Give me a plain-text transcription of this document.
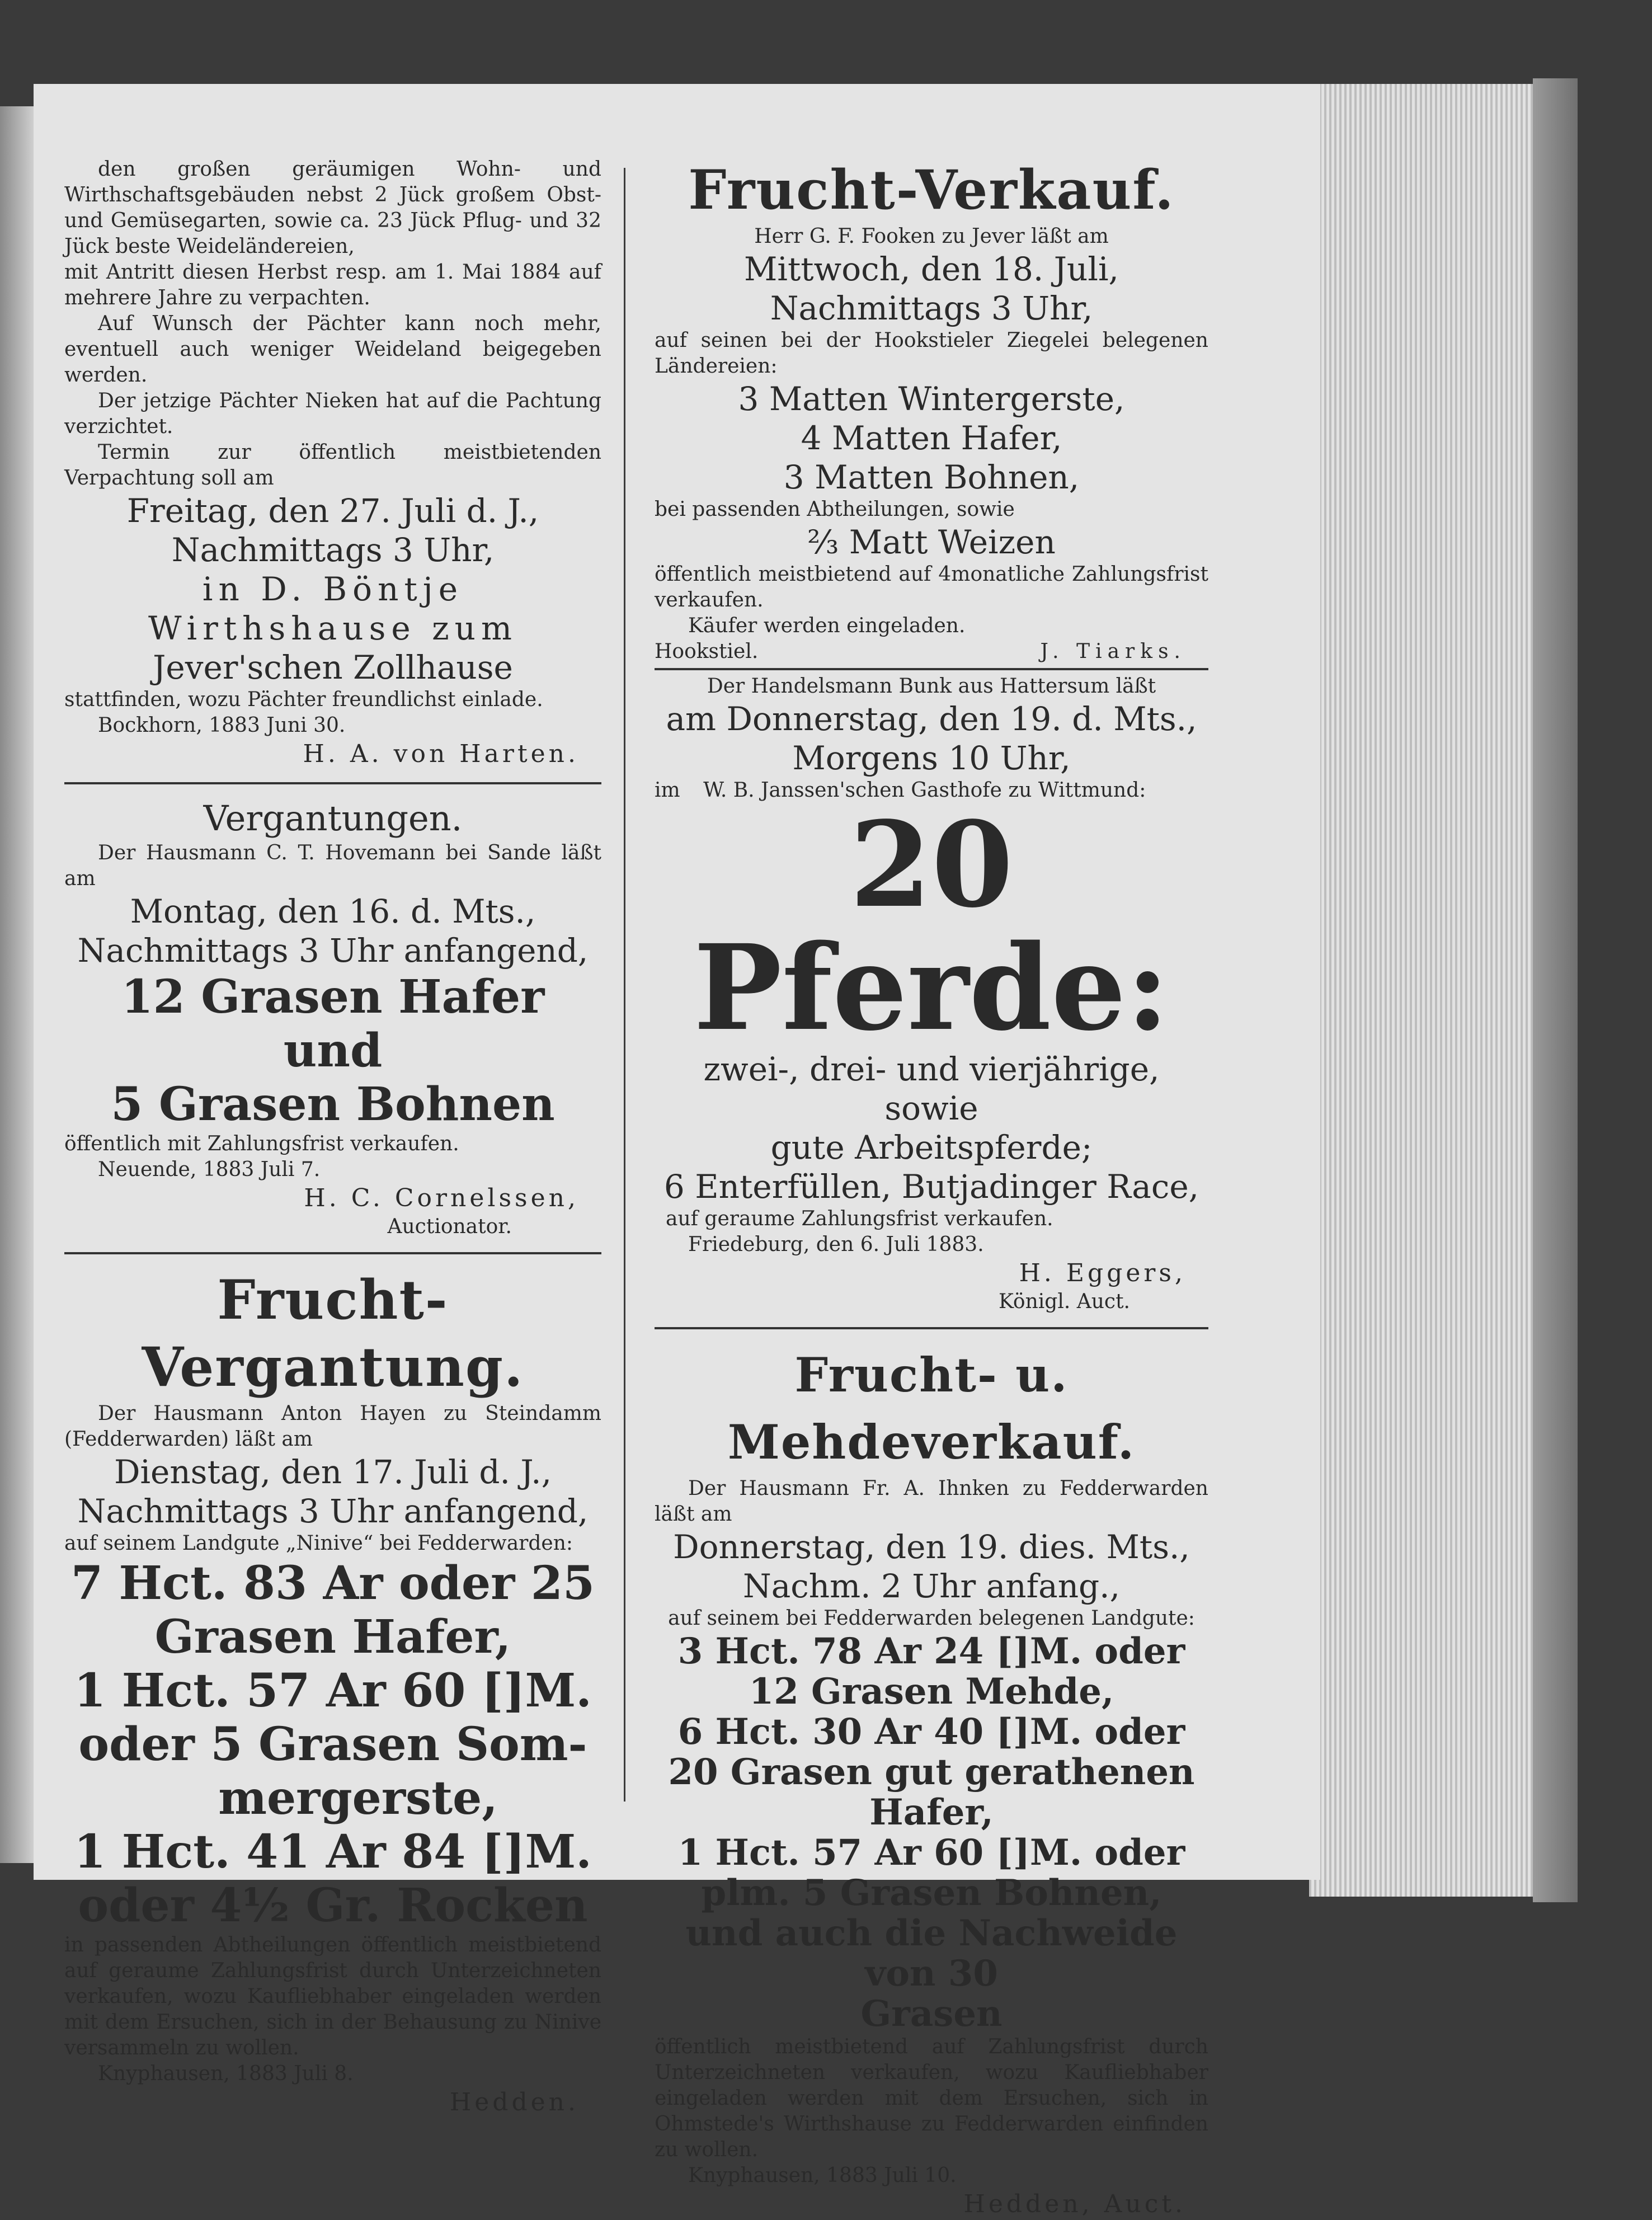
den großen geräumigen Wohn- und Wirthschaftsgebäuden nebst 2 Jück großem Obst- und Gemüsegarten, sowie ca. 23 Jück Pflug- und 32 Jück beste Weideländereien,

mit Antritt diesen Herbst resp. am 1. Mai 1884 auf mehrere Jahre zu verpachten.

Auf Wunsch der Pächter kann noch mehr, eventuell auch weniger Weideland beigegeben werden.

Der jetzige Pächter Nieken hat auf die Pachtung verzichtet.

Termin zur öffentlich meistbietenden Verpachtung soll am

Freitag, den 27. Juli d. J.,

Nachmittags 3 Uhr,

in D. Böntje Wirthshause zum

Jever'schen Zollhause

stattfinden, wozu Pächter freundlichst einlade.

Bockhorn, 1883 Juni 30.

H. A. von Harten.

Vergantungen.

Der Hausmann C. T. Hovemann bei Sande läßt am

Montag, den 16. d. Mts.,

Nachmittags 3 Uhr anfangend,

12 Grasen Hafer und

5 Grasen Bohnen

öffentlich mit Zahlungsfrist verkaufen.

Neuende, 1883 Juli 7.

H. C. Cornelssen,

Auctionator.

Frucht-Vergantung.

Der Hausmann Anton Hayen zu Steindamm (Fedderwarden) läßt am

Dienstag, den 17. Juli d. J.,

Nachmittags 3 Uhr anfangend,

auf seinem Landgute „Ninive“ bei Fedderwarden:

7 Hct. 83 Ar oder 25

Grasen Hafer,

1 Hct. 57 Ar 60 []M.

oder 5 Grasen Som-

mergerste,

1 Hct. 41 Ar 84 []M.

oder 4½ Gr. Rocken

in passenden Abtheilungen öffentlich meistbietend auf geraume Zahlungsfrist durch Unterzeichneten verkaufen, wozu Kaufliebhaber eingeladen werden mit dem Ersuchen, sich in der Behausung zu Ninive versammeln zu wollen.

Knyphausen, 1883 Juli 8.

Hedden.

Frucht-Verkauf.

Herr G. F. Fooken zu Jever läßt am

Mittwoch, den 18. Juli,

Nachmittags 3 Uhr,

auf seinen bei der Hookstieler Ziegelei belegenen Ländereien:

3 Matten Wintergerste,

4 Matten Hafer,

3 Matten Bohnen,

bei passenden Abtheilungen, sowie

⅔ Matt Weizen

öffentlich meistbietend auf 4monatliche Zahlungsfrist verkaufen.

Käufer werden eingeladen.

Hookstiel.	J. Tiarks.

Der Handelsmann Bunk aus Hattersum läßt

am Donnerstag, den 19. d. Mts.,

Morgens 10 Uhr,

im W. B. Janssen'schen Gasthofe zu Wittmund:

20 Pferde:

zwei-, drei- und vierjährige, sowie

gute Arbeitspferde;

6 Enterfüllen, Butjadinger Race,

auf geraume Zahlungsfrist verkaufen.

Friedeburg, den 6. Juli 1883.

H. Eggers,

Königl. Auct.

Frucht- u. Mehdeverkauf.

Der Hausmann Fr. A. Ihnken zu Fedderwarden läßt am

Donnerstag, den 19. dies. Mts.,

Nachm. 2 Uhr anfang.,

auf seinem bei Fedderwarden belegenen Landgute:

3 Hct. 78 Ar 24 []M. oder

12 Grasen Mehde,

6 Hct. 30 Ar 40 []M. oder

20 Grasen gut gerathenen Hafer,

1 Hct. 57 Ar 60 []M. oder

plm. 5 Grasen Bohnen,

und auch die Nachweide von 30

Grasen

öffentlich meistbietend auf Zahlungsfrist durch Unterzeichneten verkaufen, wozu Kaufliebhaber eingeladen werden mit dem Ersuchen, sich in Ohmstede's Wirthshause zu Fedderwarden einfinden zu wollen.

Knyphausen, 1883 Juli 10.

Hedden, Auct.
